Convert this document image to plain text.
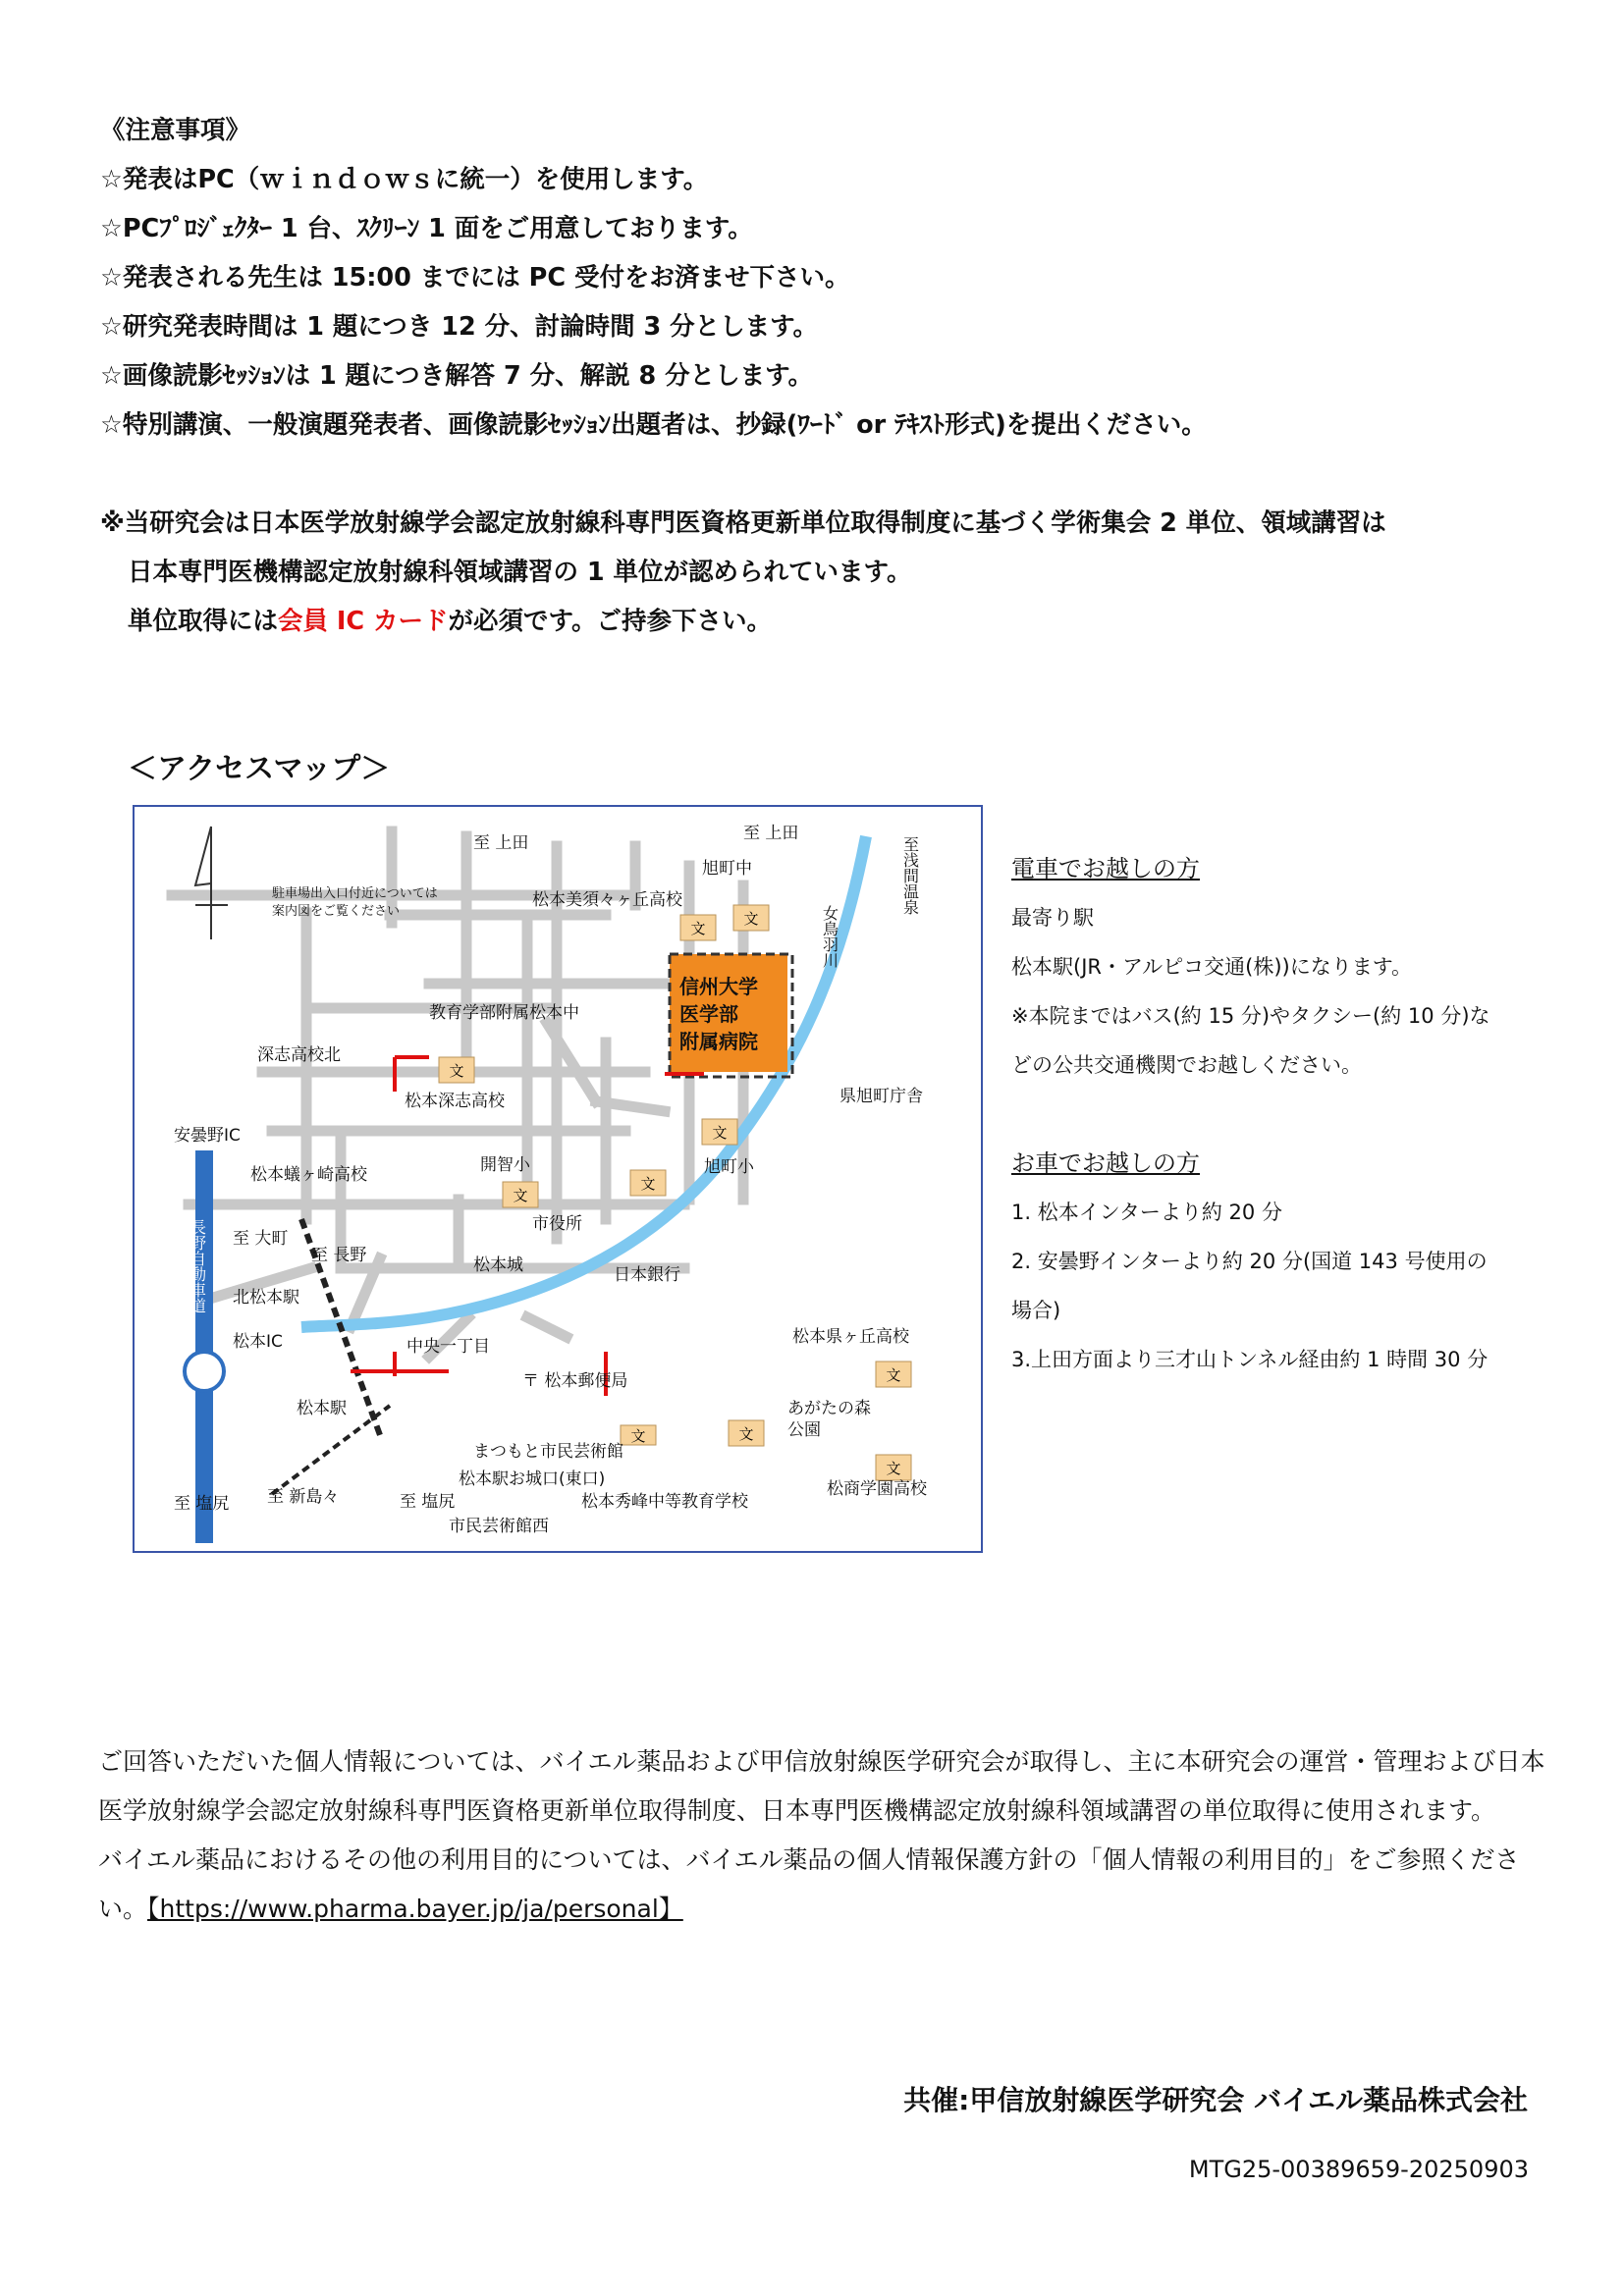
《注意事項》
☆発表はPC（ｗｉｎｄｏｗｓに統一）を使用します。
☆PCﾌﾟﾛｼﾞｪｸﾀｰ 1 台、ｽｸﾘｰﾝ 1 面をご用意しております。
☆発表される先生は 15:00 までには PC 受付をお済ませ下さい。
☆研究発表時間は 1 題につき 12 分、討論時間 3 分とします。
☆画像読影ｾｯｼｮﾝは 1 題につき解答 7 分、解説 8 分とします。
☆特別講演、一般演題発表者、画像読影ｾｯｼｮﾝ出題者は、抄録(ﾜｰﾄﾞ or ﾃｷｽﾄ形式)を提出ください。
※当研究会は日本医学放射線学会認定放射線科専門医資格更新単位取得制度に基づく学術集会 2 単位、領域講習は
日本専門医機構認定放射線科領域講習の 1 単位が認められています。
単位取得には会員 IC カードが必須です。ご持参下さい。
＜アクセスマップ＞
至 上田	至 上田
旭町中	至浅間温泉
駐車場出入口付近については
案内図をご覧ください
松本美須々ヶ丘高校
女鳥羽川
教育学部附属松本中
信州大学
医学部
附属病院
深志高校北
松本深志高校	県旭町庁舎
安曇野IC
開智小	旭町小
松本蟻ヶ崎高校
長野自動車道	市役所
至 大町
至 長野	松本城	日本銀行
北松本駅
松本IC	中央一丁目	松本県ヶ丘高校
〒 松本郵便局
松本駅	あがたの森
公園
まつもと市民芸術館
松本駅お城口(東口)
松本秀峰中等教育学校
松商学園高校
至 塩尻 至 新島々	至 塩尻
市民芸術館西
文
文
文
文
文
文
文
文
文
文
電車でお越しの方
最寄り駅
松本駅(JR・アルピコ交通(株))になります。
※本院まではバス(約 15 分)やタクシー(約 10 分)な
どの公共交通機関でお越しください。
お車でお越しの方
1. 松本インターより約 20 分
2. 安曇野インターより約 20 分(国道 143 号使用の
場合)
3.上田方面より三才山トンネル経由約 1 時間 30 分

ご回答いただいた個人情報については、バイエル薬品および甲信放射線医学研究会が取得し、主に本研究会の運営・管理および日本医学放射線学会認定放射線科専門医資格更新単位取得制度、日本専門医機構認定放射線科領域講習の単位取得に使用されます。

バイエル薬品におけるその他の利用目的については、バイエル薬品の個人情報保護方針の「個人情報の利用目的」をご参照ください。【https://www.pharma.bayer.jp/ja/personal】

共催:甲信放射線医学研究会 バイエル薬品株式会社
MTG25-00389659-20250903
